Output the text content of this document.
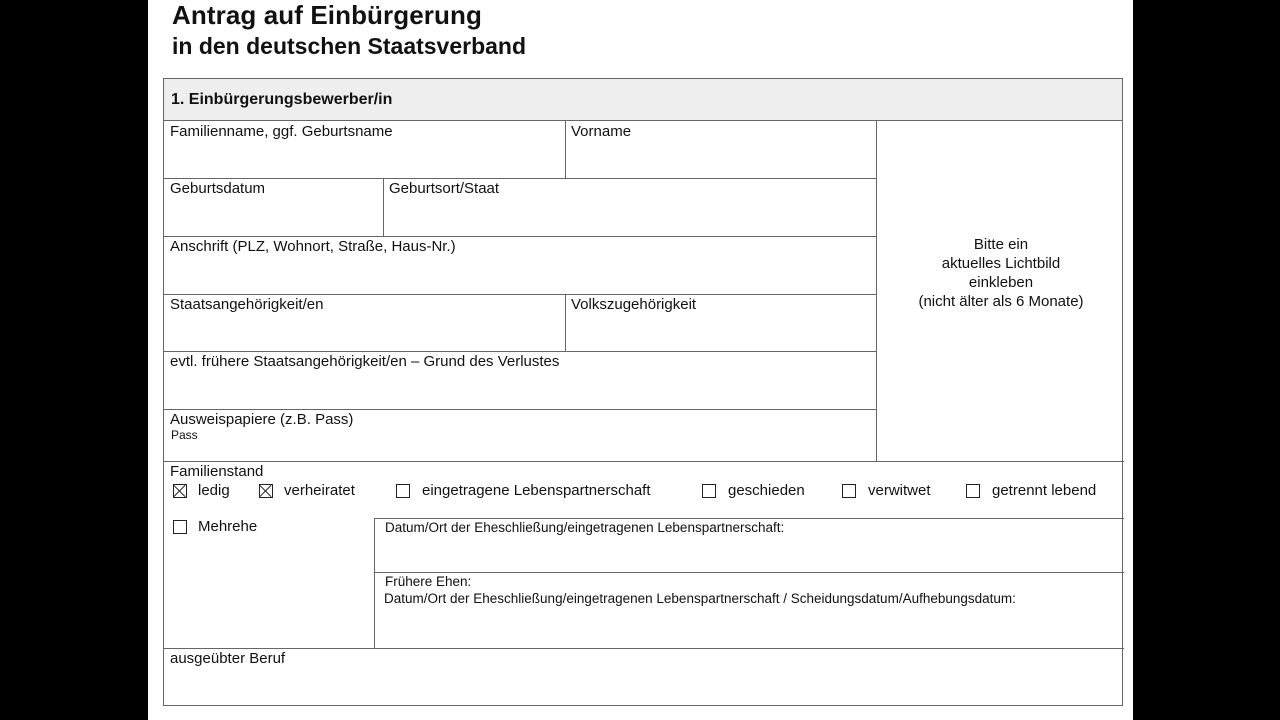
Antrag auf Einbürgerung
in den deutschen Staatsverband
1. Einbürgerungsbewerber/in
Familienname, ggf. Geburtsname	Vorname
Geburtsdatum	Geburtsort/Staat
Anschrift (PLZ, Wohnort, Straße, Haus-Nr.)
Staatsangehörigkeit/en	Volkszugehörigkeit
evtl. frühere Staatsangehörigkeit/en – Grund des Verlustes
Ausweispapiere (z.B. Pass)
Pass
Bitte ein
aktuelles Lichtbild
einkleben
(nicht älter als 6 Monate)
Familienstand
ledig	verheiratet	eingetragene Lebenspartnerschaft	geschieden	verwitwet	getrennt lebend
Mehrehe	Datum/Ort der Eheschließung/eingetragenen Lebenspartnerschaft:
Frühere Ehen:
Datum/Ort der Eheschließung/eingetragenen Lebenspartnerschaft / Scheidungsdatum/Aufhebungsdatum:
ausgeübter Beruf
